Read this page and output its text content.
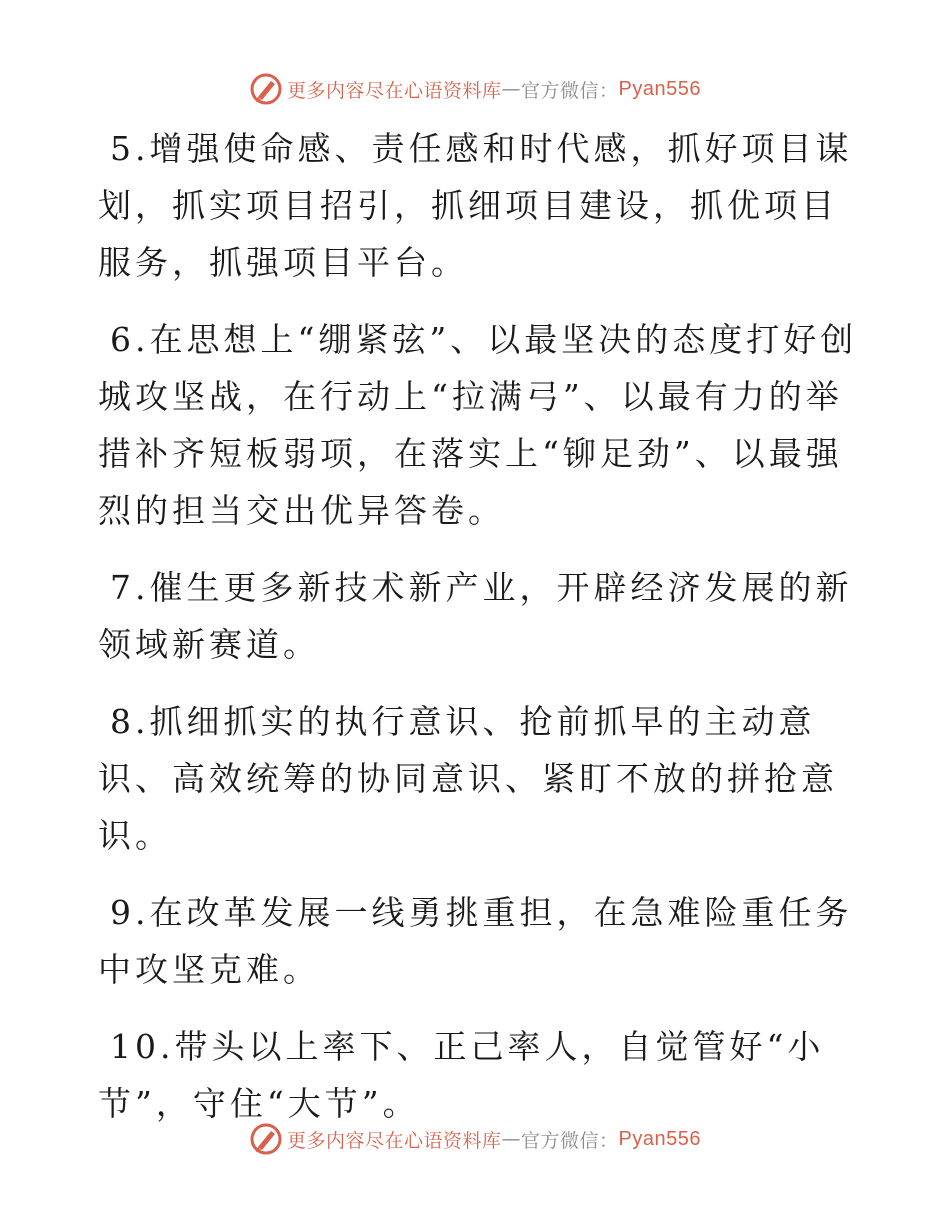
更多内容尽在心语资料库 — 官方微信： Pyan556

5.增强使命感、责任感和时代感，抓好项目谋划，抓实项目招引，抓细项目建设，抓优项目服务，抓强项目平台。

6.在思想上“绷紧弦”、以最坚决的态度打好创城攻坚战，在行动上“拉满弓”、以最有力的举措补齐短板弱项，在落实上“铆足劲”、以最强烈的担当交出优异答卷。

7.催生更多新技术新产业，开辟经济发展的新领域新赛道。

8.抓细抓实的执行意识、抢前抓早的主动意识、高效统筹的协同意识、紧盯不放的拼抢意识。

9.在改革发展一线勇挑重担，在急难险重任务中攻坚克难。

10.带头以上率下、正己率人，自觉管好“小节”，守住“大节”。

更多内容尽在心语资料库 — 官方微信： Pyan556
